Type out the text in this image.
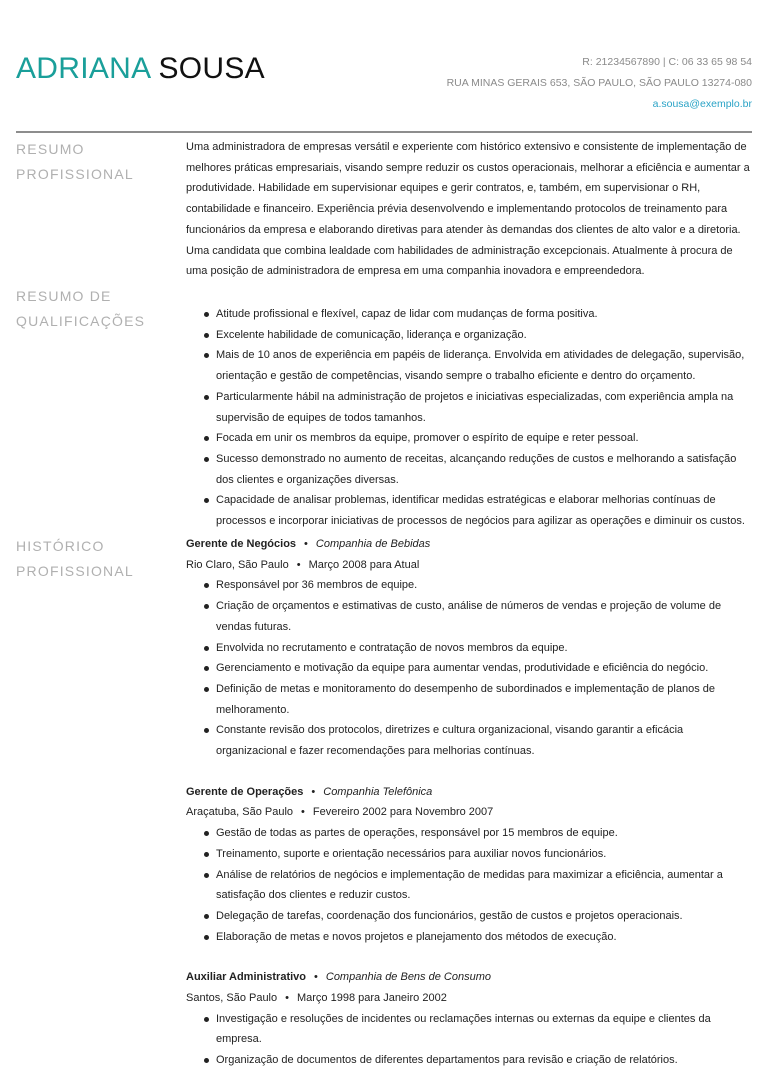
ADRIANA SOUSA	R: 21234567890 | C: 06 33 65 98 54
RUA MINAS GERAIS 653, SÃO PAULO, SÃO PAULO 13274-080
a.sousa@exemplo.br
RESUMO
PROFISSIONAL
Uma administradora de empresas versátil e experiente com histórico extensivo e consistente de implementação de melhores práticas empresariais, visando sempre reduzir os custos operacionais, melhorar a eficiência e aumentar a produtividade. Habilidade em supervisionar equipes e gerir contratos, e, também, em supervisionar o RH, contabilidade e financeiro. Experiência prévia desenvolvendo e implementando protocolos de treinamento para funcionários da empresa e elaborando diretivas para atender às demandas dos clientes de alto valor e a diretoria. Uma candidata que combina lealdade com habilidades de administração excepcionais. Atualmente à procura de uma posição de administradora de empresa em uma companhia inovadora e empreendedora.
RESUMO DE
QUALIFICAÇÕES	Atitude profissional e flexível, capaz de lidar com mudanças de forma positiva.
Excelente habilidade de comunicação, liderança e organização.
Mais de 10 anos de experiência em papéis de liderança. Envolvida em atividades de delegação, supervisão, orientação e gestão de competências, visando sempre o trabalho eficiente e dentro do orçamento.
Particularmente hábil na administração de projetos e iniciativas especializadas, com experiência ampla na supervisão de equipes de todos tamanhos.
Focada em unir os membros da equipe, promover o espírito de equipe e reter pessoal.
Sucesso demonstrado no aumento de receitas, alcançando reduções de custos e melhorando a satisfação dos clientes e organizações diversas.
Capacidade de analisar problemas, identificar medidas estratégicas e elaborar melhorias contínuas de processos e incorporar iniciativas de processos de negócios para agilizar as operações e diminuir os custos.
HISTÓRICO
PROFISSIONAL
Gerente de Negócios • Companhia de Bebidas
Rio Claro, São Paulo • Março 2008 para Atual
Responsável por 36 membros de equipe.
Criação de orçamentos e estimativas de custo, análise de números de vendas e projeção de volume de vendas futuras.
Envolvida no recrutamento e contratação de novos membros da equipe.
Gerenciamento e motivação da equipe para aumentar vendas, produtividade e eficiência do negócio.
Definição de metas e monitoramento do desempenho de subordinados e implementação de planos de melhoramento.
Constante revisão dos protocolos, diretrizes e cultura organizacional, visando garantir a eficácia organizacional e fazer recomendações para melhorias contínuas.
Gerente de Operações • Companhia Telefônica
Araçatuba, São Paulo • Fevereiro 2002 para Novembro 2007
Gestão de todas as partes de operações, responsável por 15 membros de equipe.
Treinamento, suporte e orientação necessários para auxiliar novos funcionários.
Análise de relatórios de negócios e implementação de medidas para maximizar a eficiência, aumentar a satisfação dos clientes e reduzir custos.
Delegação de tarefas, coordenação dos funcionários, gestão de custos e projetos operacionais.
Elaboração de metas e novos projetos e planejamento dos métodos de execução.
Auxiliar Administrativo • Companhia de Bens de Consumo
Santos, São Paulo • Março 1998 para Janeiro 2002
Investigação e resoluções de incidentes ou reclamações internas ou externas da equipe e clientes da empresa.
Organização de documentos de diferentes departamentos para revisão e criação de relatórios.
